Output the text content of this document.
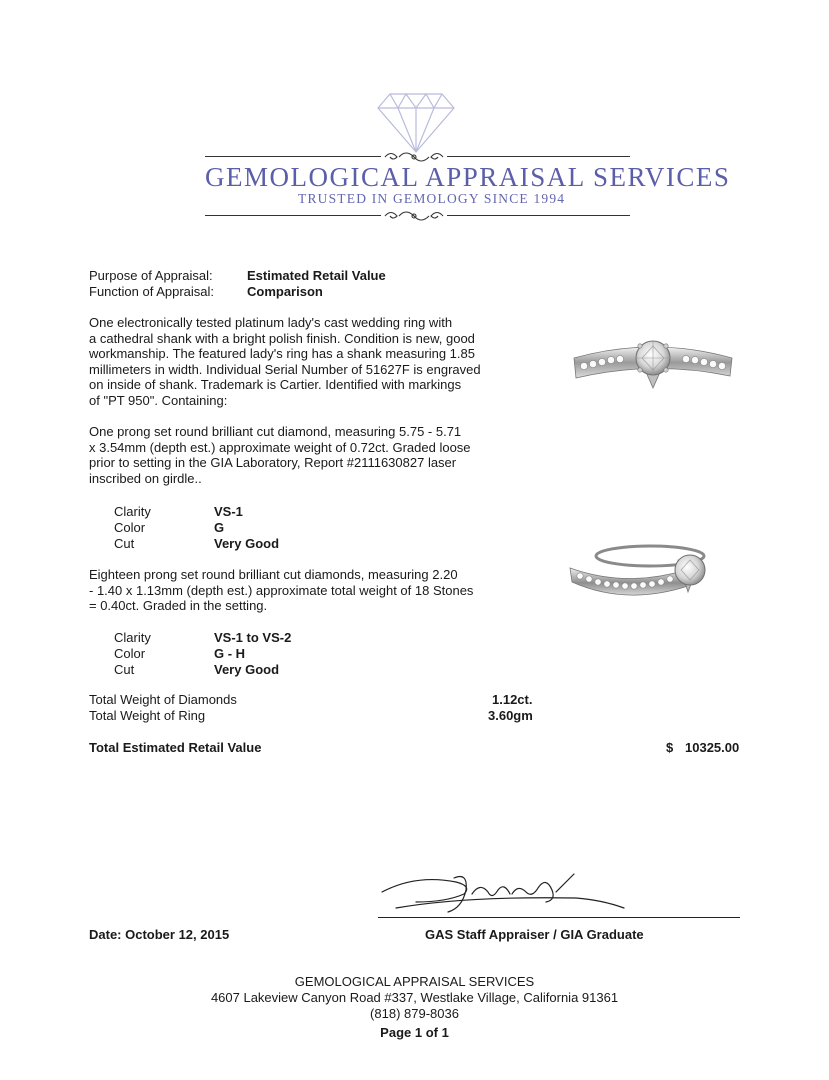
GEMOLOGICAL APPRAISAL SERVICES
TRUSTED IN GEMOLOGY SINCE 1994
Purpose of Appraisal:	Estimated Retail Value
Function of Appraisal:	Comparison
One electronically tested platinum lady's cast wedding ring with
a cathedral shank with a bright polish finish. Condition is new, good
workmanship. The featured lady's ring has a shank measuring 1.85
millimeters in width. Individual Serial Number of 51627F is engraved
on inside of shank. Trademark is Cartier. Identified with markings
of "PT 950". Containing:
One prong set round brilliant cut diamond, measuring 5.75 - 5.71
x 3.54mm (depth est.) approximate weight of 0.72ct. Graded loose
prior to setting in the GIA Laboratory, Report #2111630827 laser
inscribed on girdle..
Clarity	VS-1
Color	G
Cut	Very Good
Eighteen prong set round brilliant cut diamonds, measuring 2.20
- 1.40 x 1.13mm (depth est.) approximate total weight of 18 Stones
= 0.40ct. Graded in the setting.
Clarity	VS-1 to VS-2
Color	G - H
Cut	Very Good
Total Weight of Diamonds	1.12ct.
Total Weight of Ring	3.60gm
Total Estimated Retail Value	$ 10325.00
Date: October 12, 2015	GAS Staff Appraiser / GIA Graduate
GEMOLOGICAL APPRAISAL SERVICES
4607 Lakeview Canyon Road #337, Westlake Village, California 91361
(818) 879-8036
Page 1 of 1
